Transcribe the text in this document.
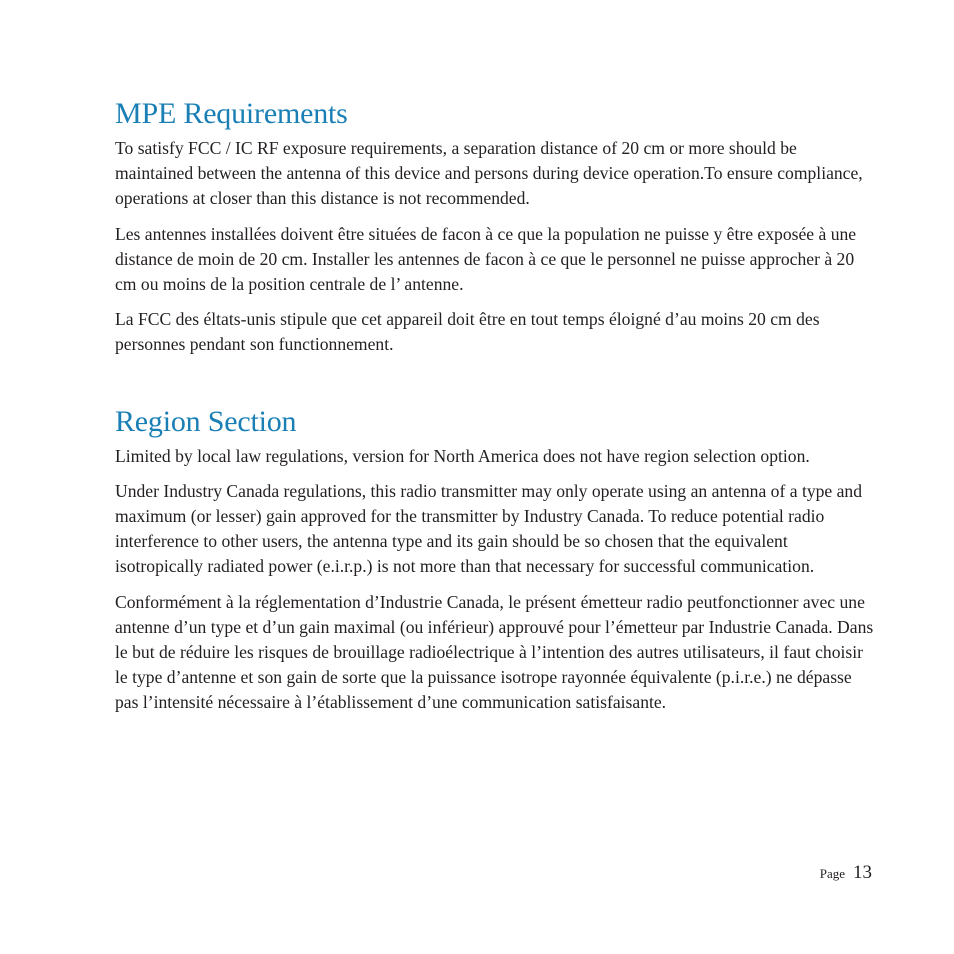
MPE Requirements

To satisfy FCC / IC RF exposure requirements, a separation distance of 20 cm or more should be maintained between the antenna of this device and persons during device operation.To ensure compliance, operations at closer than this distance is not recommended.

Les antennes installées doivent être situées de facon à ce que la population ne puisse y être exposée à une distance de moin de 20 cm. Installer les antennes de facon à ce que le personnel ne puisse approcher à 20 cm ou moins de la position centrale de l’ antenne.

La FCC des éltats-unis stipule que cet appareil doit être en tout temps éloigné d’au moins 20 cm des personnes pendant son functionnement.

Region Section

Limited by local law regulations, version for North America does not have region selection option.

Under Industry Canada regulations, this radio transmitter may only operate using an antenna of a type and maximum (or lesser) gain approved for the transmitter by Industry Canada. To reduce potential radio interference to other users, the antenna type and its gain should be so chosen that the equivalent isotropically radiated power (e.i.r.p.) is not more than that necessary for successful communication.

Conformément à la réglementation d’Industrie Canada, le présent émetteur radio peutfonctionner avec une antenne d’un type et d’un gain maximal (ou inférieur) approuvé pour l’émetteur par Industrie Canada. Dans le but de réduire les risques de brouillage radioélectrique à l’intention des autres utilisateurs, il faut choisir le type d’antenne et son gain de sorte que la puissance isotrope rayonnée équivalente (p.i.r.e.) ne dépasse pas l’intensité nécessaire à l’établissement d’une communication satisfaisante.

Page 13
